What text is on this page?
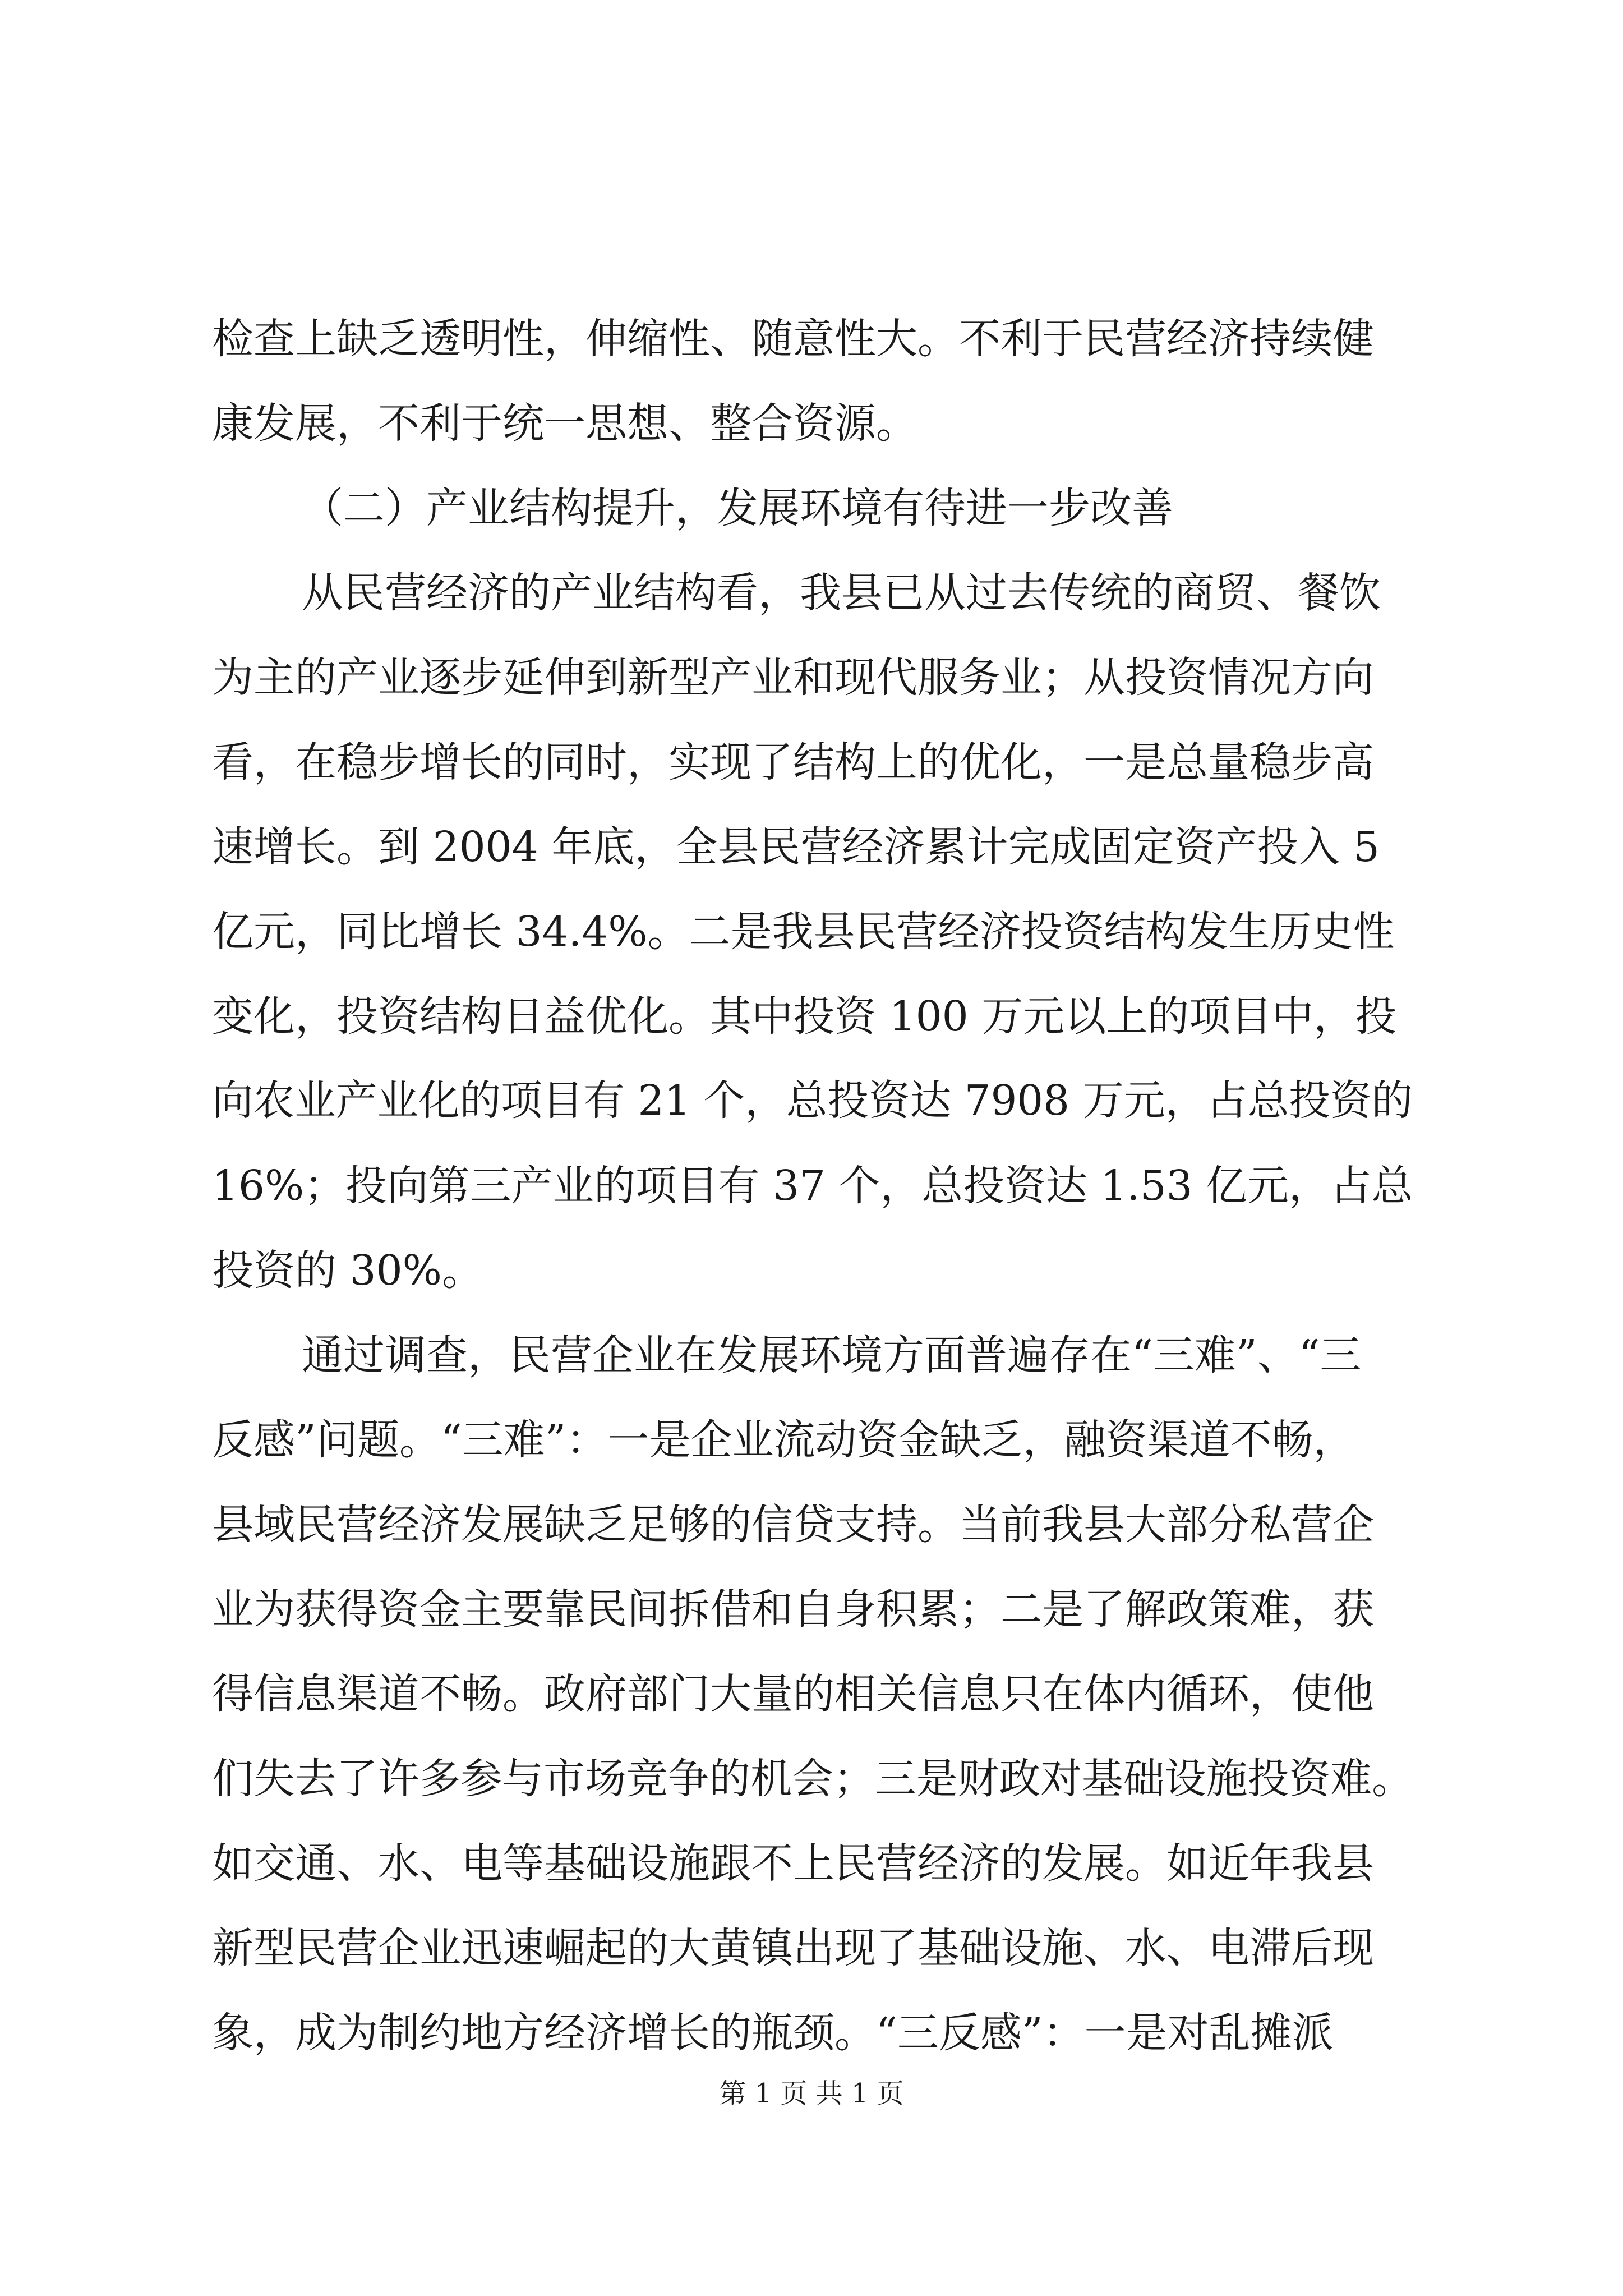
检查上缺乏透明性，伸缩性、随意性大。不利于民营经济持续健

康发展，不利于统一思想、整合资源。

（二）产业结构提升，发展环境有待进一步改善

从民营经济的产业结构看，我县已从过去传统的商贸、餐饮

为主的产业逐步延伸到新型产业和现代服务业；从投资情况方向

看，在稳步增长的同时，实现了结构上的优化，一是总量稳步高

速增长。到 2004 年底，全县民营经济累计完成固定资产投入 5

亿元，同比增长 34.4%。二是我县民营经济投资结构发生历史性

变化，投资结构日益优化。其中投资 100 万元以上的项目中，投

向农业产业化的项目有 21 个，总投资达 7908 万元，占总投资的

16%；投向第三产业的项目有 37 个，总投资达 1.53 亿元，占总

投资的 30%。

通过调查，民营企业在发展环境方面普遍存在“三难”、“三

反感”问题。“三难”：一是企业流动资金缺乏，融资渠道不畅，

县域民营经济发展缺乏足够的信贷支持。当前我县大部分私营企

业为获得资金主要靠民间拆借和自身积累；二是了解政策难，获

得信息渠道不畅。政府部门大量的相关信息只在体内循环，使他

们失去了许多参与市场竞争的机会；三是财政对基础设施投资难。

如交通、水、电等基础设施跟不上民营经济的发展。如近年我县

新型民营企业迅速崛起的大黄镇出现了基础设施、水、电滞后现

象，成为制约地方经济增长的瓶颈。“三反感”：一是对乱摊派

第 1 页 共 1 页
